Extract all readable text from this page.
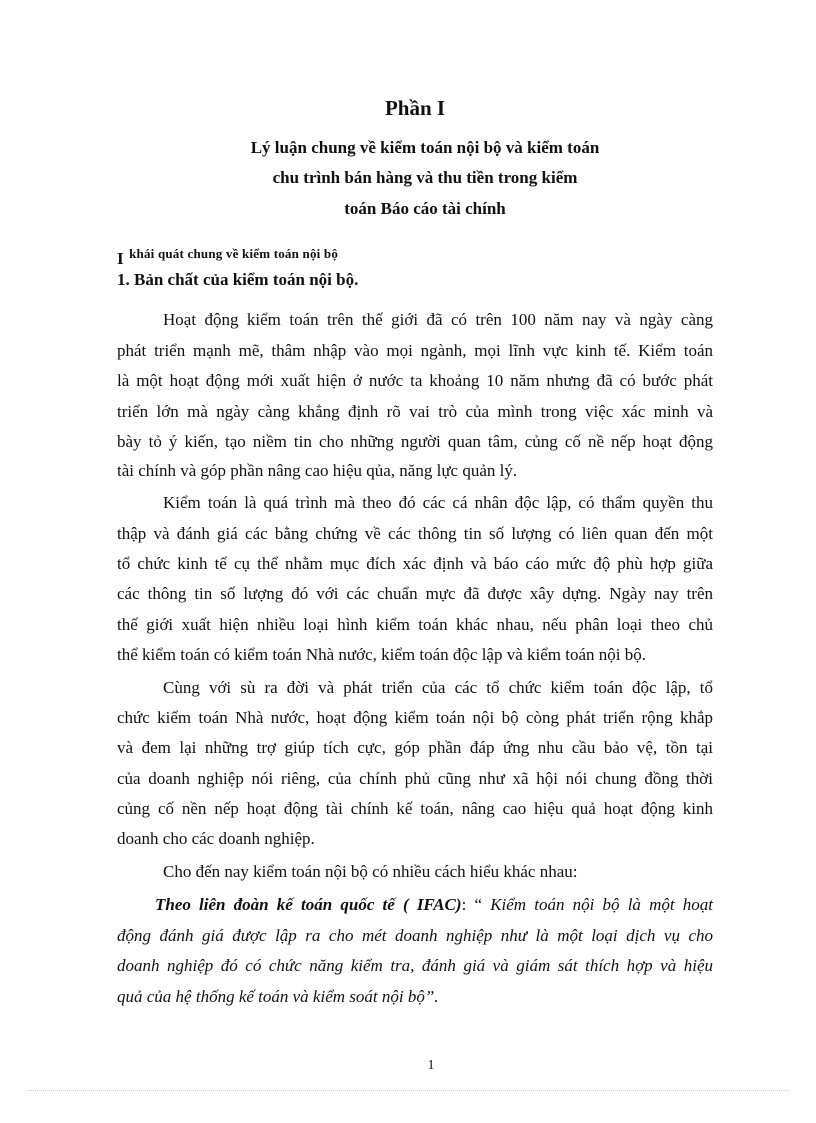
Phần I
Lý luận chung về kiểm toán nội bộ và kiểm toán
chu trình bán hàng và thu tiền trong kiểm
toán Báo cáo tài chính
I khái quát chung về kiểm toán nội bộ
1. Bản chất của kiểm toán nội bộ.
Hoạt động kiểm toán trên thế giới đã có trên 100 năm nay và ngày càng
phát triển mạnh mẽ, thâm nhập vào mọi ngành, mọi lĩnh vực kinh tế. Kiểm toán
là một hoạt động mới xuất hiện ở nước ta khoảng 10 năm nhưng đã có bước phát
triển lớn mà ngày càng khẳng định rõ vai trò của mình trong việc xác minh và
bày tỏ ý kiến, tạo niềm tin cho những người quan tâm, củng cố nề nếp hoạt động
tài chính và góp phần nâng cao hiệu qủa, năng lực quản lý.
Kiểm toán là quá trình mà theo đó các cá nhân độc lập, có thẩm quyền thu
thập và đánh giá các bằng chứng về các thông tin số lượng có liên quan đến một
tổ chức kinh tế cụ thể nhằm mục đích xác định và báo cáo mức độ phù hợp giữa
các thông tin số lượng đó với các chuẩn mực đã được xây dựng. Ngày nay trên
thế giới xuất hiện nhiều loại hình kiểm toán khác nhau, nếu phân loại theo chủ
thể kiểm toán có kiểm toán Nhà nước, kiểm toán độc lập và kiểm toán nội bộ.
Cùng với sù ra đời và phát triển của các tổ chức kiểm toán độc lập, tổ
chức kiểm toán Nhà nước, hoạt động kiểm toán nội bộ còng phát triển rộng khắp
và đem lại những trợ giúp tích cực, góp phần đáp ứng nhu cầu bảo vệ, tồn tại
của doanh nghiệp nói riêng, của chính phủ cũng như xã hội nói chung đồng thời
củng cố nền nếp hoạt động tài chính kế toán, nâng cao hiệu quả hoạt động kinh
doanh cho các doanh nghiệp.
Cho đến nay kiểm toán nội bộ có nhiều cách hiểu khác nhau:
Theo liên đoàn kế toán quốc tế ( IFAC): “ Kiểm toán nội bộ là một hoạt
động đánh giá được lập ra cho mét doanh nghiệp như là một loại dịch vụ cho
doanh nghiệp đó có chức năng kiểm tra, đánh giá và giám sát thích hợp và hiệu
quả của hệ thống kế toán và kiểm soát nội bộ”.
1
